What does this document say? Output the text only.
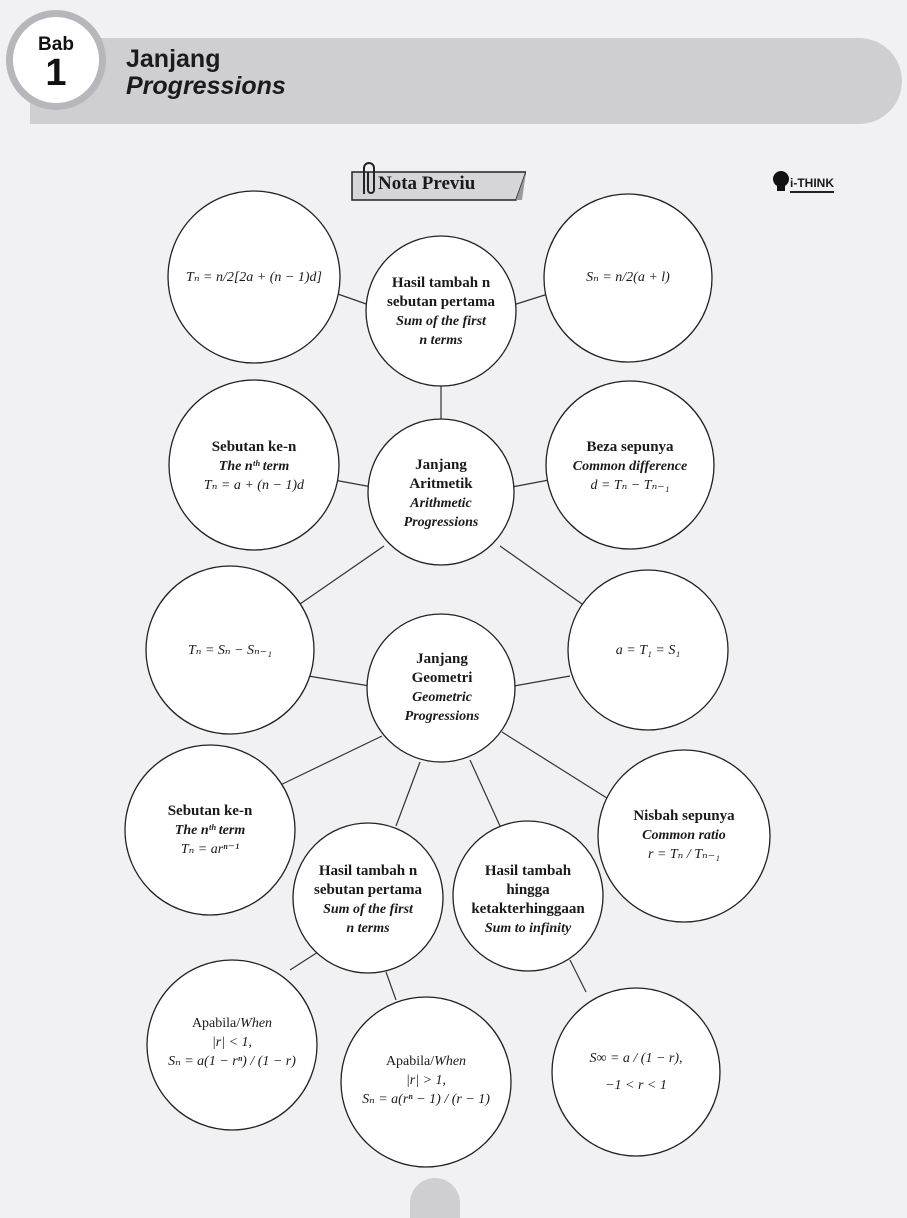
Bab
1	Janjang
Progressions
Nota Previu	i-THINK
Tₙ = n/2[2a + (n − 1)d]	Hasil tambah n
sebutan pertama
Sum of the first
n terms
Sₙ = n/2(a + l)
Sebutan ke-n
The nᵗʰ term
Tₙ = a + (n − 1)d
Janjang
Aritmetik
Arithmetic
Progressions
Beza sepunya
Common difference
d = Tₙ − Tₙ₋₁
Tₙ = Sₙ − Sₙ₋₁
Janjang
Geometri
Geometric
Progressions
a = T₁ = S₁
Sebutan ke-n
The nᵗʰ term
Tₙ = arⁿ⁻¹
Hasil tambah n
sebutan pertama
Sum of the first
n terms
Hasil tambah
hingga
ketakterhinggaan
Sum to infinity
Nisbah sepunya
Common ratio
r = Tₙ / Tₙ₋₁
Apabila/When
|r| < 1,
Sₙ = a(1 − rⁿ) / (1 − r)	Apabila/When
|r| > 1,
Sₙ = a(rⁿ − 1) / (r − 1)
S∞ = a / (1 − r),
−1 < r < 1
